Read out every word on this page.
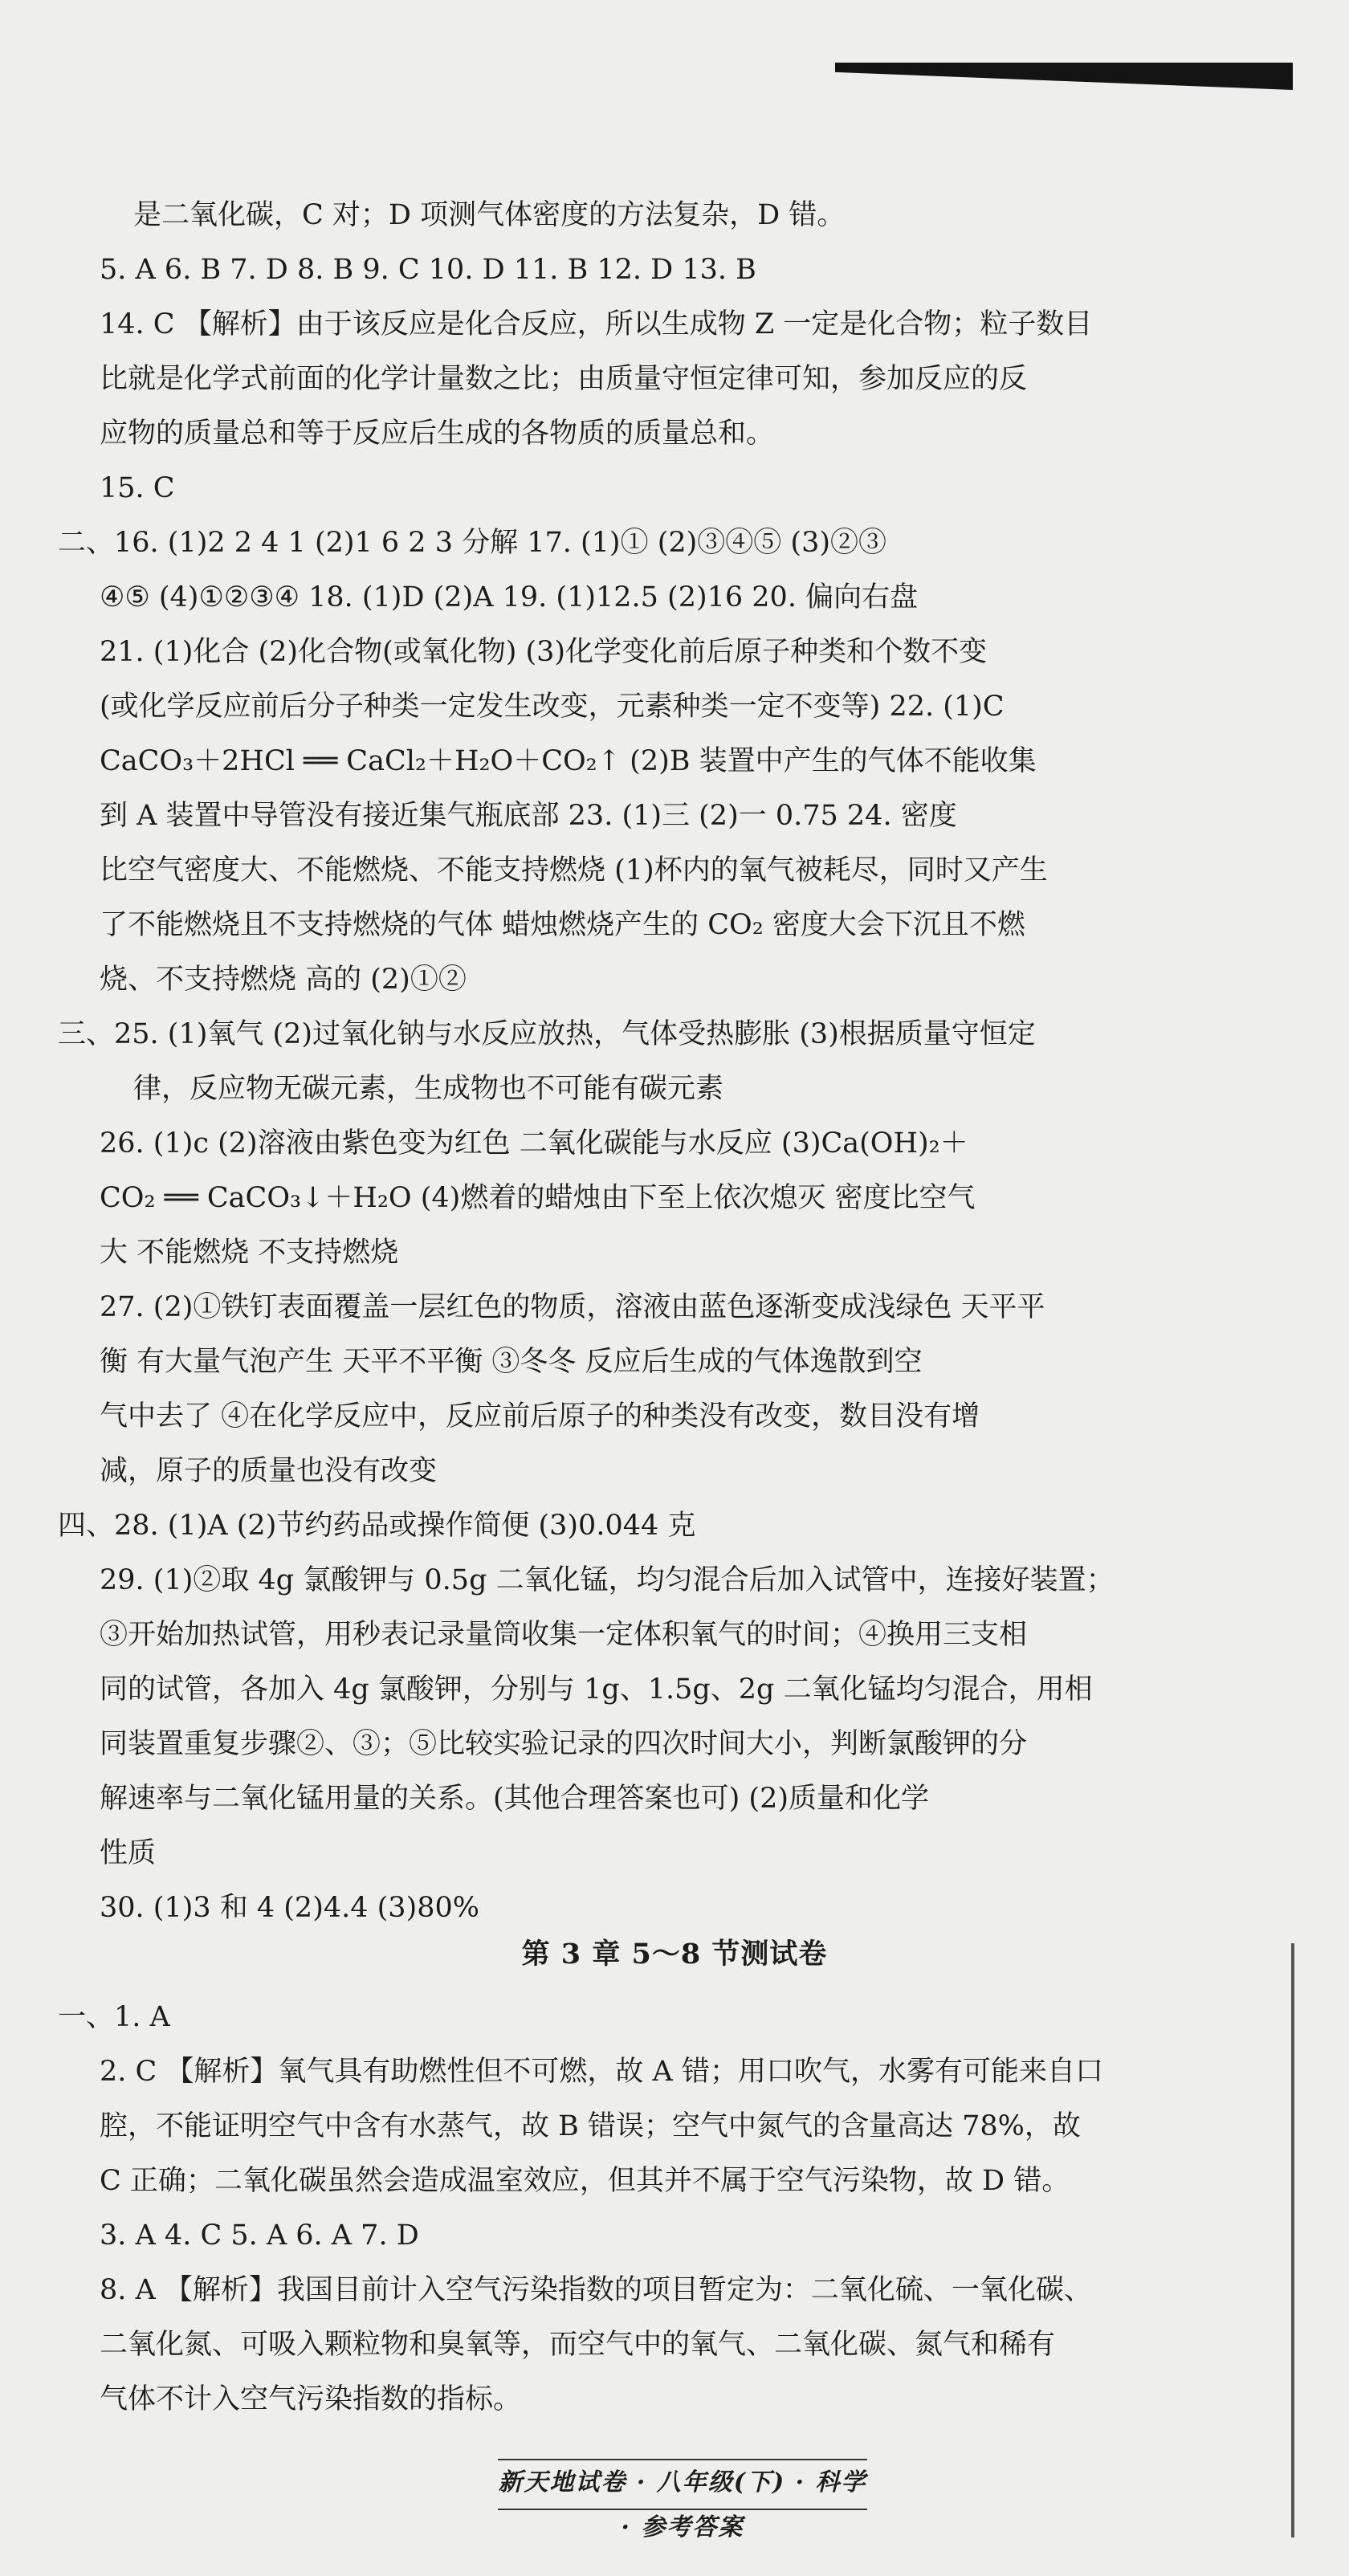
是二氧化碳，C 对；D 项测气体密度的方法复杂，D 错。
5. A 6. B 7. D 8. B 9. C 10. D 11. B 12. D 13. B
14. C 【解析】由于该反应是化合反应，所以生成物 Z 一定是化合物；粒子数目
比就是化学式前面的化学计量数之比；由质量守恒定律可知，参加反应的反
应物的质量总和等于反应后生成的各物质的质量总和。
15. C
二、16. (1)2 2 4 1 (2)1 6 2 3 分解 17. (1)① (2)③④⑤ (3)②③
④⑤ (4)①②③④ 18. (1)D (2)A 19. (1)12.5 (2)16 20. 偏向右盘
21. (1)化合 (2)化合物(或氧化物) (3)化学变化前后原子种类和个数不变
(或化学反应前后分子种类一定发生改变，元素种类一定不变等) 22. (1)C
CaCO₃＋2HCl ══ CaCl₂＋H₂O＋CO₂↑ (2)B 装置中产生的气体不能收集
到 A 装置中导管没有接近集气瓶底部 23. (1)三 (2)一 0.75 24. 密度
比空气密度大、不能燃烧、不能支持燃烧 (1)杯内的氧气被耗尽，同时又产生
了不能燃烧且不支持燃烧的气体 蜡烛燃烧产生的 CO₂ 密度大会下沉且不燃
烧、不支持燃烧 高的 (2)①②
三、25. (1)氧气 (2)过氧化钠与水反应放热，气体受热膨胀 (3)根据质量守恒定
律，反应物无碳元素，生成物也不可能有碳元素
26. (1)c (2)溶液由紫色变为红色 二氧化碳能与水反应 (3)Ca(OH)₂＋
CO₂ ══ CaCO₃↓＋H₂O (4)燃着的蜡烛由下至上依次熄灭 密度比空气
大 不能燃烧 不支持燃烧
27. (2)①铁钉表面覆盖一层红色的物质，溶液由蓝色逐渐变成浅绿色 天平平
衡 有大量气泡产生 天平不平衡 ③冬冬 反应后生成的气体逸散到空
气中去了 ④在化学反应中，反应前后原子的种类没有改变，数目没有增
减，原子的质量也没有改变
四、28. (1)A (2)节约药品或操作简便 (3)0.044 克
29. (1)②取 4g 氯酸钾与 0.5g 二氧化锰，均匀混合后加入试管中，连接好装置；
③开始加热试管，用秒表记录量筒收集一定体积氧气的时间；④换用三支相
同的试管，各加入 4g 氯酸钾，分别与 1g、1.5g、2g 二氧化锰均匀混合，用相
同装置重复步骤②、③；⑤比较实验记录的四次时间大小，判断氯酸钾的分
解速率与二氧化锰用量的关系。(其他合理答案也可) (2)质量和化学
性质
30. (1)3 和 4 (2)4.4 (3)80%
第 3 章 5～8 节测试卷
一、1. A
2. C 【解析】氧气具有助燃性但不可燃，故 A 错；用口吹气，水雾有可能来自口
腔，不能证明空气中含有水蒸气，故 B 错误；空气中氮气的含量高达 78%，故
C 正确；二氧化碳虽然会造成温室效应，但其并不属于空气污染物，故 D 错。
3. A 4. C 5. A 6. A 7. D
8. A 【解析】我国目前计入空气污染指数的项目暂定为：二氧化硫、一氧化碳、
二氧化氮、可吸入颗粒物和臭氧等，而空气中的氧气、二氧化碳、氮气和稀有
气体不计入空气污染指数的指标。
新天地试卷 · 八年级(下) · 科学 · 参考答案
